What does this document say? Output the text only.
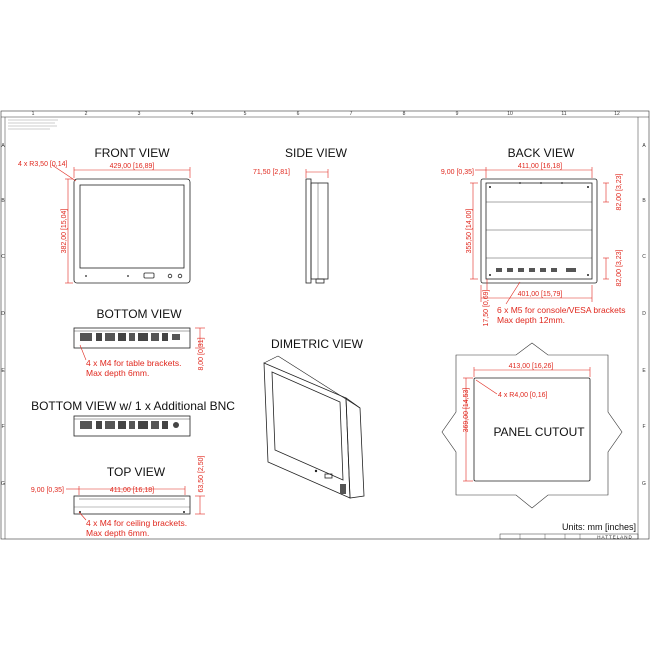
1	2	3	4	5	6	7	8	9	10	11	12
A
B
C
D
E
F
G
A
B
C
D
E
F
G
FRONT VIEW
429,00 [16,89]
4 x R3,50 [0,14]
382,00 [15,04]
SIDE VIEW
71,50 [2,81]
BACK VIEW
411,00 [16,18]
9,00 [0,35]
401,00 [15,79]
355,50 [14,00]
82,00 [3,23]
82,00 [3,23]
17,50 [0,69] 6 x M5 for console/VESA brackets
Max depth 12mm.
BOTTOM VIEW
8,00 [0,31]
4 x M4 for table brackets.
Max depth 6mm.
BOTTOM VIEW w/ 1 x Additional BNC
TOP VIEW
411,00 [16,18]
9,00 [0,35]	63,50 [2,50]
4 x M4 for ceiling brackets.
Max depth 6mm.
DIMETRIC VIEW
PANEL CUTOUT
413,00 [16,26]
4 x R4,00 [0,16]
369,00 [14,53]
Units: mm [inches]
HATTELAND
